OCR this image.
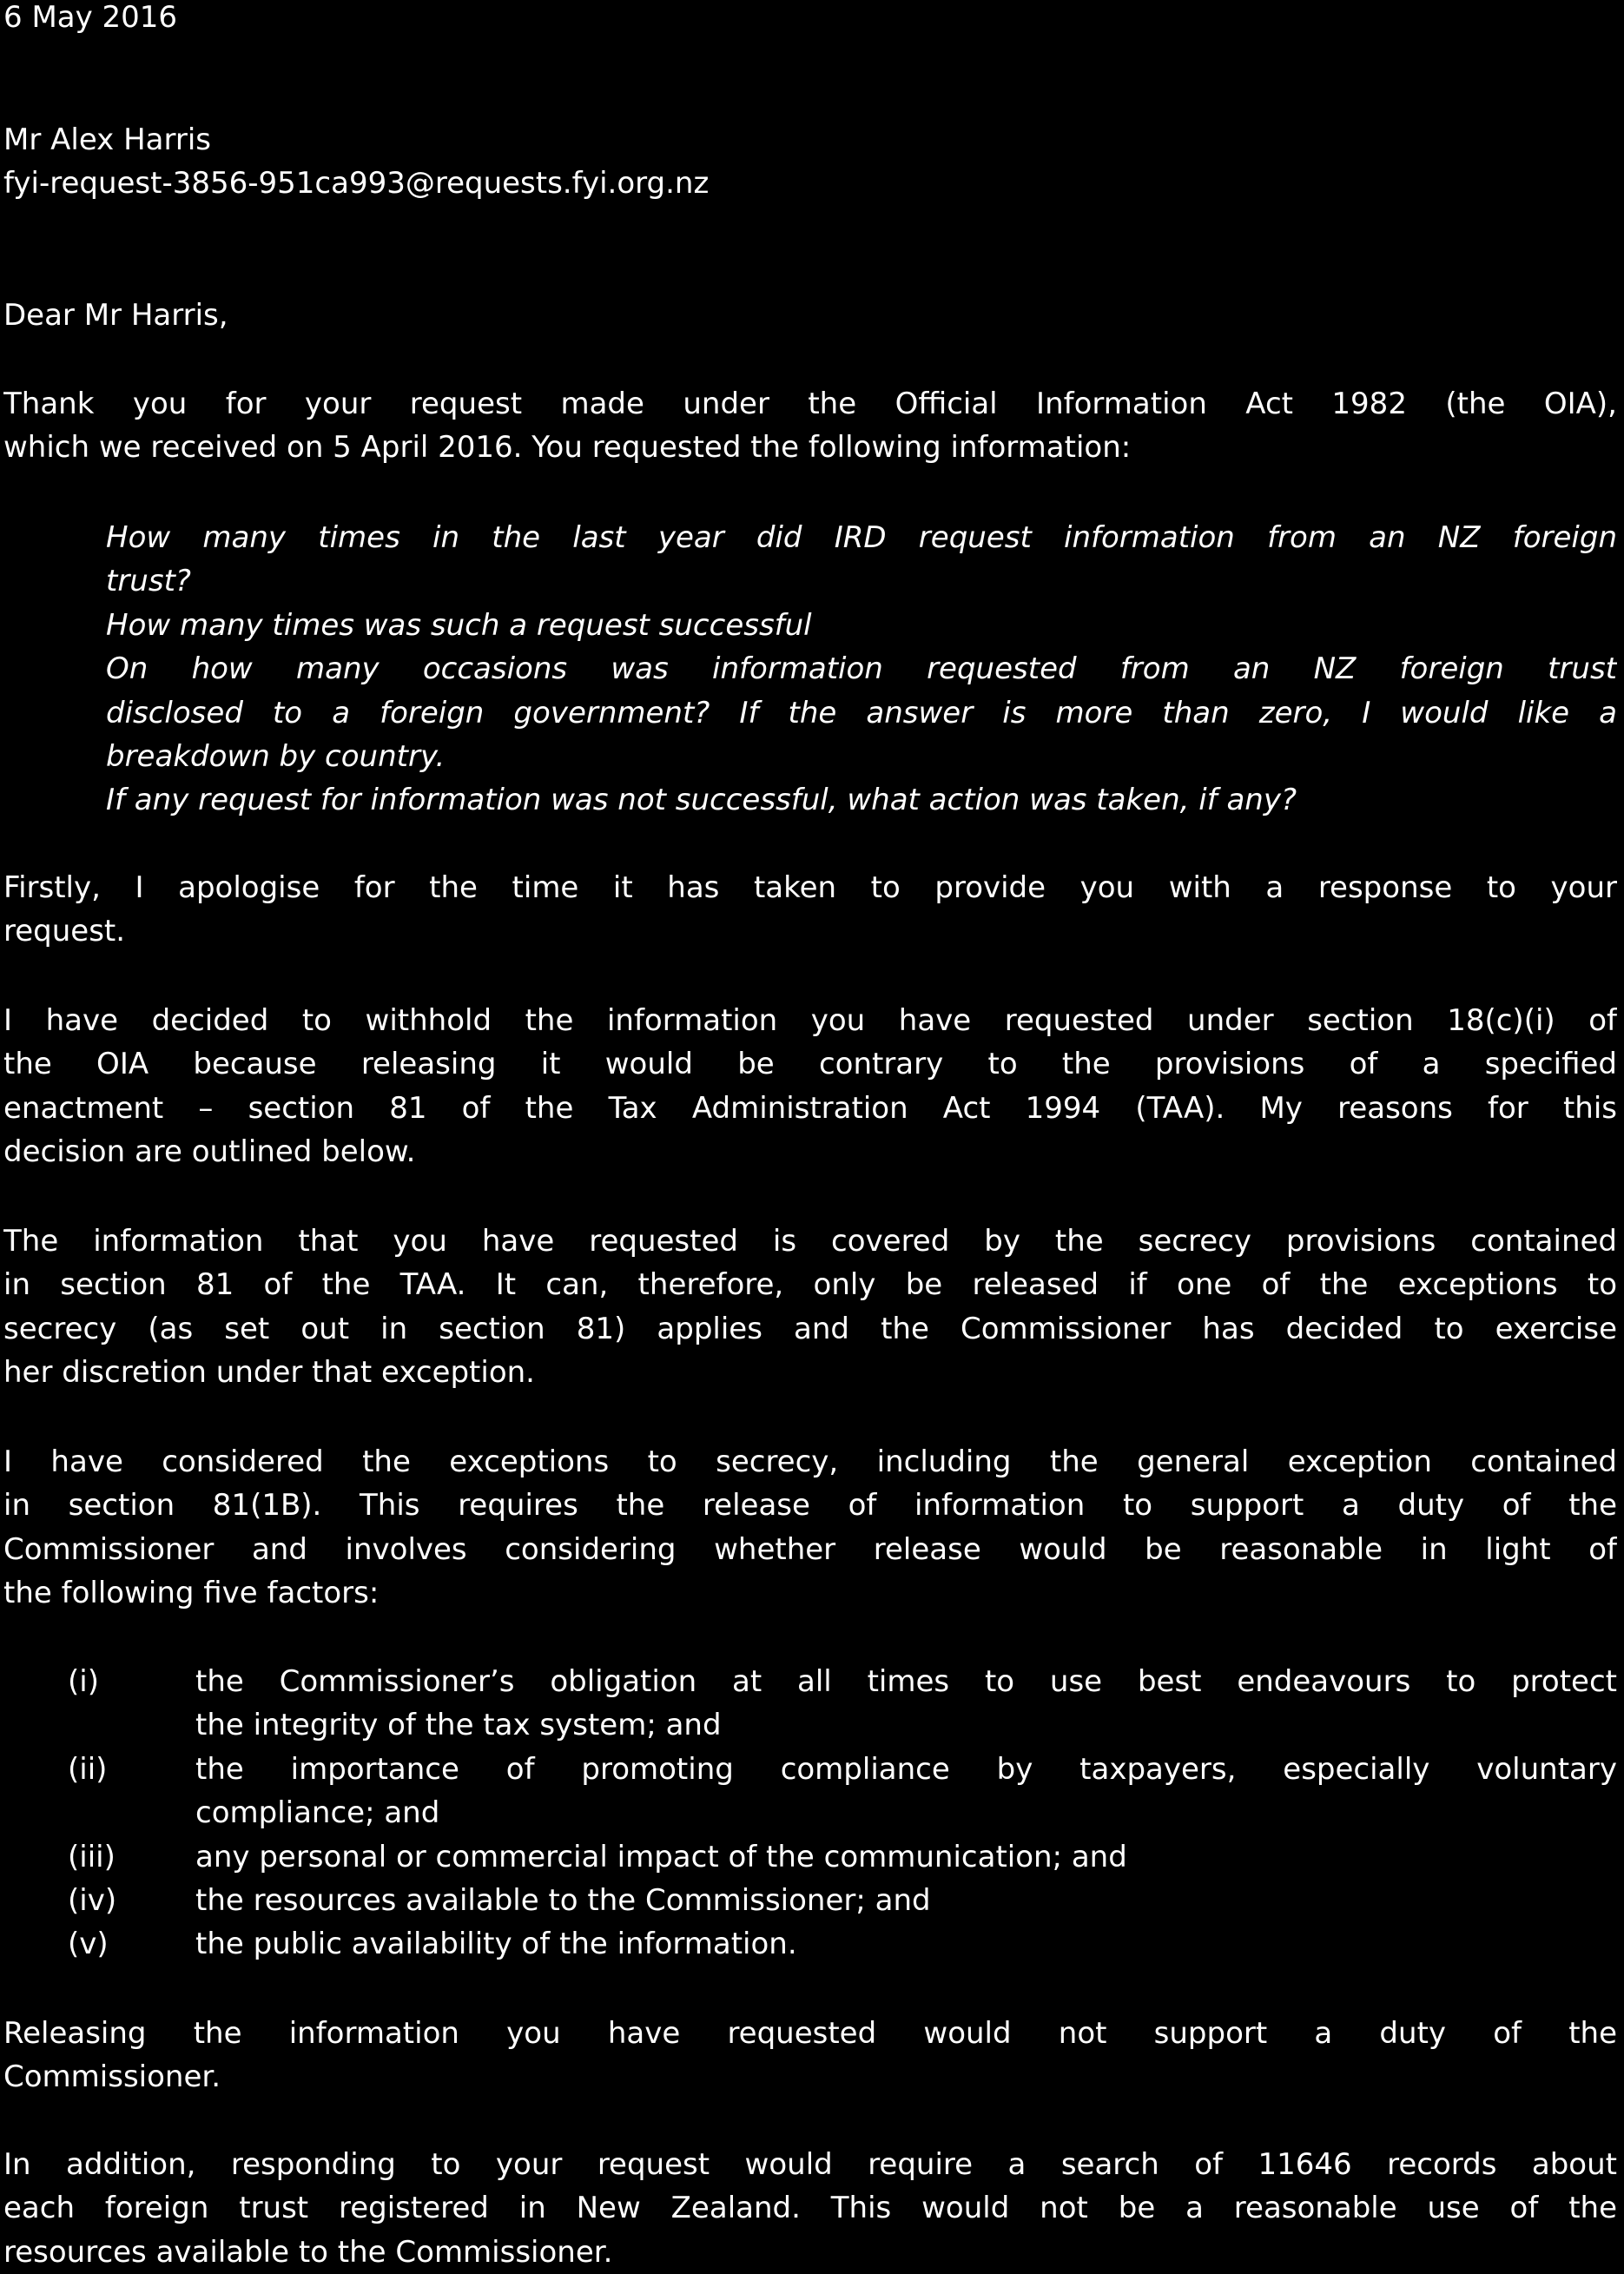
6 May 2016
Mr Alex Harris
fyi-request-3856-951ca993@requests.fyi.org.nz
Dear Mr Harris,
Thank you for your request made under the Official Information Act 1982 (the OIA),
which we received on 5 April 2016. You requested the following information:
How many times in the last year did IRD request information from an NZ foreign
trust?
How many times was such a request successful
On how many occasions was information requested from an NZ foreign trust
disclosed to a foreign government? If the answer is more than zero, I would like a
breakdown by country.
If any request for information was not successful, what action was taken, if any?
Firstly, I apologise for the time it has taken to provide you with a response to your
request.
I have decided to withhold the information you have requested under section 18(c)(i) of
the OIA because releasing it would be contrary to the provisions of a specified
enactment – section 81 of the Tax Administration Act 1994 (TAA). My reasons for this
decision are outlined below.
The information that you have requested is covered by the secrecy provisions contained
in section 81 of the TAA. It can, therefore, only be released if one of the exceptions to
secrecy (as set out in section 81) applies and the Commissioner has decided to exercise
her discretion under that exception.
I have considered the exceptions to secrecy, including the general exception contained
in section 81(1B). This requires the release of information to support a duty of the
Commissioner and involves considering whether release would be reasonable in light of
the following five factors:
(i)	the Commissioner’s obligation at all times to use best endeavours to protect
the integrity of the tax system; and
(ii)	the importance of promoting compliance by taxpayers, especially voluntary
compliance; and
(iii)	any personal or commercial impact of the communication; and
(iv)	the resources available to the Commissioner; and
(v)	the public availability of the information.
Releasing the information you have requested would not support a duty of the
Commissioner.
In addition, responding to your request would require a search of 11646 records about
each foreign trust registered in New Zealand. This would not be a reasonable use of the
resources available to the Commissioner.
